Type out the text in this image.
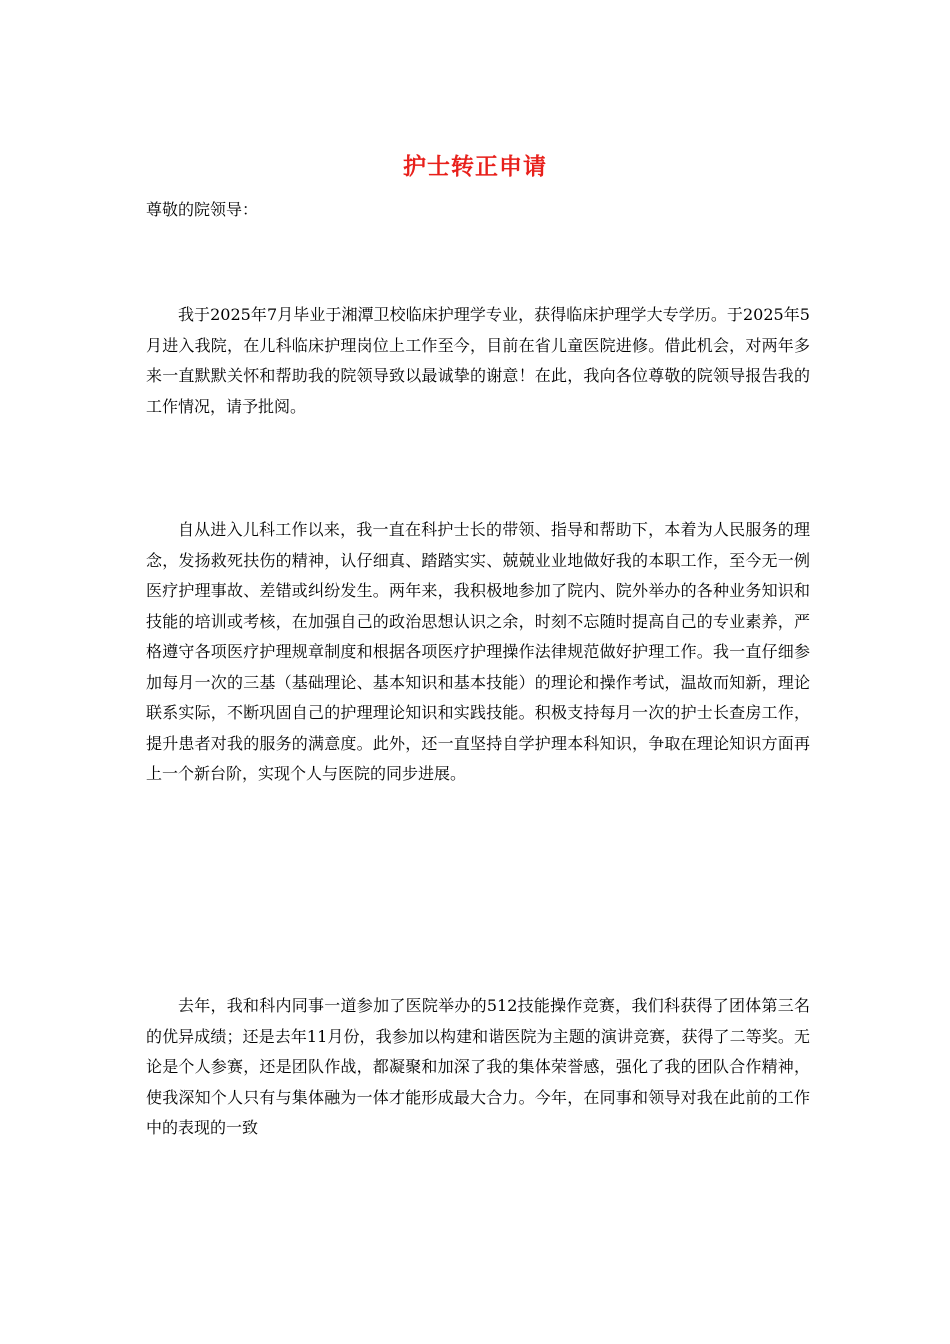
护士转正申请
尊敬的院领导：

我于2025年7月毕业于湘潭卫校临床护理学专业，获得临床护理学大专学历。于2025年5月进入我院，在儿科临床护理岗位上工作至今，目前在省儿童医院进修。借此机会，对两年多来一直默默关怀和帮助我的院领导致以最诚挚的谢意！在此，我向各位尊敬的院领导报告我的工作情况，请予批阅。

自从进入儿科工作以来，我一直在科护士长的带领、指导和帮助下，本着为人民服务的理念，发扬救死扶伤的精神，认仔细真、踏踏实实、兢兢业业地做好我的本职工作，至今无一例医疗护理事故、差错或纠纷发生。两年来，我积极地参加了院内、院外举办的各种业务知识和技能的培训或考核，在加强自己的政治思想认识之余，时刻不忘随时提高自己的专业素养，严格遵守各项医疗护理规章制度和根据各项医疗护理操作法律规范做好护理工作。我一直仔细参加每月一次的三基（基础理论、基本知识和基本技能）的理论和操作考试，温故而知新，理论联系实际，不断巩固自己的护理理论知识和实践技能。积极支持每月一次的护士长查房工作，提升患者对我的服务的满意度。此外，还一直坚持自学护理本科知识，争取在理论知识方面再上一个新台阶，实现个人与医院的同步进展。

去年，我和科内同事一道参加了医院举办的512技能操作竞赛，我们科获得了团体第三名的优异成绩；还是去年11月份，我参加以构建和谐医院为主题的演讲竞赛，获得了二等奖。无论是个人参赛，还是团队作战，都凝聚和加深了我的集体荣誉感，强化了我的团队合作精神，使我深知个人只有与集体融为一体才能形成最大合力。今年，在同事和领导对我在此前的工作中的表现的一致
